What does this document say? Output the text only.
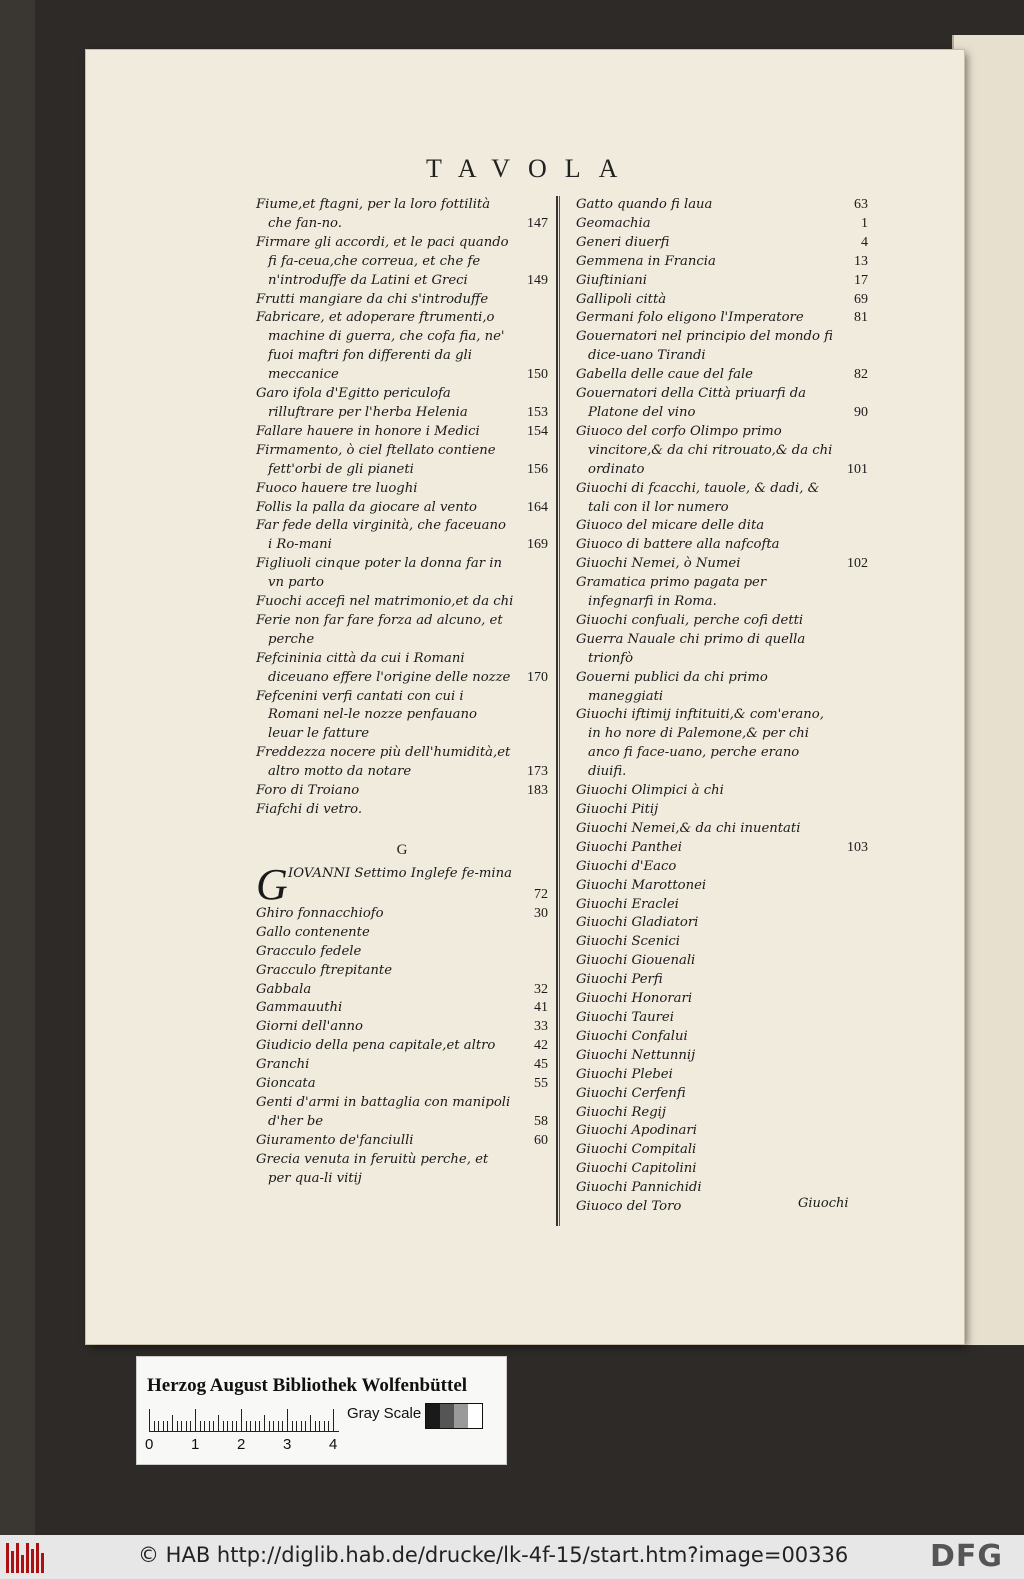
TAVOLA
Fiume,et ftagni, per la loro fottilità che fan-no.	147
Firmare gli accordi, et le paci quando fi fa-ceua,che correua, et che fe n'introduffe da Latini et Greci	149
Frutti mangiare da chi s'introduffe
Fabricare, et adoperare ftrumenti,o machine di guerra, che cofa fia, ne' fuoi maftri fon differenti da gli meccanice	150
Garo ifola d'Egitto periculofa rilluftrare per l'herba Helenia	153
Fallare hauere in honore i Medici	154
Firmamento, ò ciel ftellato contiene fett'orbi de gli pianeti	156
Fuoco hauere tre luoghi
Follis la palla da giocare al vento	164
Far fede della virginità, che faceuano i Ro-mani	169
Figliuoli cinque poter la donna far in vn parto
Fuochi accefi nel matrimonio,et da chi
Ferie non far fare forza ad alcuno, et perche
Fefcininia città da cui i Romani diceuano effere l'origine delle nozze 170
Fefcenini verfi cantati con cui i Romani nel-le nozze penfauano leuar le fatture
Freddezza nocere più dell'humidità,et altro motto da notare	173
Foro di Troiano	183
Fiafchi di vetro.
G
G IOVANNI Settimo Inglefe fe-mina
72
Ghiro fonnacchiofo	30
Gallo contenente
Gracculo fedele
Gracculo ftrepitante
Gabbala	32
Gammauuthi	41
Giorni dell'anno	33
Giudicio della pena capitale,et altro	42
Granchi	45
Gioncata	55
Genti d'armi in battaglia con manipoli d'her be	58
Giuramento de'fanciulli	60
Grecia venuta in feruitù perche, et per qua-li vitij
Gatto quando fi laua	63
Geomachia	1
Generi diuerfi	4
Gemmena in Francia	13
Giuftiniani	17
Gallipoli città	69
Germani folo eligono l'Imperatore	81
Gouernatori nel principio del mondo fi dice-uano Tirandi
Gabella delle caue del fale	82
Gouernatori della Città priuarfi da Platone del vino	90
Giuoco del corfo Olimpo primo vincitore,& da chi ritrouato,& da chi ordinato	101
Giuochi di fcacchi, tauole, & dadi, & tali con il lor numero
Giuoco del micare delle dita
Giuoco di battere alla nafcofta
Giuochi Nemei, ò Numei	102
Gramatica primo pagata per infegnarfi in Roma.
Giuochi confuali, perche cofi detti
Guerra Nauale chi primo di quella trionfò
Gouerni publici da chi primo maneggiati
Giuochi iftimij inftituiti,& com'erano, in ho nore di Palemone,& per chi anco fi face-uano, perche erano diuifi.
Giuochi Olimpici à chi
Giuochi Pitij
Giuochi Nemei,& da chi inuentati
Giuochi Panthei	103
Giuochi d'Eaco
Giuochi Marottonei
Giuochi Eraclei
Giuochi Gladiatori
Giuochi Scenici
Giuochi Giouenali
Giuochi Perfi
Giuochi Honorari
Giuochi Taurei
Giuochi Confalui
Giuochi Nettunnij
Giuochi Plebei
Giuochi Cerfenfi
Giuochi Regij
Giuochi Apodinari
Giuochi Compitali
Giuochi Capitolini
Giuochi Pannichidi
Giuoco del Toro	Giuochi
Herzog August Bibliothek Wolfenbüttel
0	1	2	3	4
Gray Scale
© HAB http://diglib.hab.de/drucke/lk-4f-15/start.htm?image=00336	DFG
